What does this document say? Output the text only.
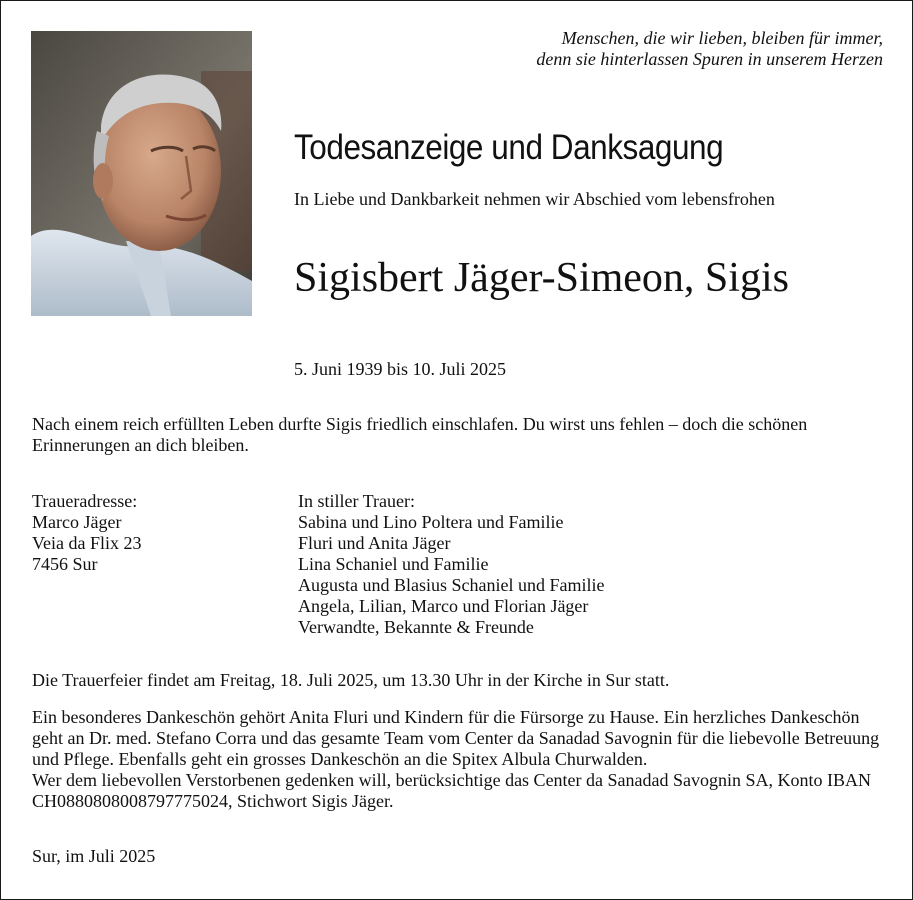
Menschen, die wir lieben, bleiben für immer,
denn sie hinterlassen Spuren in unserem Herzen
Todesanzeige und Danksagung
In Liebe und Dankbarkeit nehmen wir Abschied vom lebensfrohen
Sigisbert Jäger-Simeon, Sigis
5. Juni 1939 bis 10. Juli 2025
Nach einem reich erfüllten Leben durfte Sigis friedlich einschlafen. Du wirst uns fehlen – doch die schönen Erinnerungen an dich bleiben.
Traueradresse:
Marco Jäger
Veia da Flix 23
7456 Sur
In stiller Trauer:
Sabina und Lino Poltera und Familie
Fluri und Anita Jäger
Lina Schaniel und Familie
Augusta und Blasius Schaniel und Familie
Angela, Lilian, Marco und Florian Jäger
Verwandte, Bekannte & Freunde
Die Trauerfeier findet am Freitag, 18. Juli 2025, um 13.30 Uhr in der Kirche in Sur statt.
Ein besonderes Dankeschön gehört Anita Fluri und Kindern für die Fürsorge zu Hause. Ein herzliches Dankeschön geht an Dr. med. Stefano Corra und das gesamte Team vom Center da Sanadad Savognin für die liebevolle Betreuung und Pflege. Ebenfalls geht ein grosses Dankeschön an die Spitex Albula Churwalden.
Wer dem liebevollen Verstorbenen gedenken will, berücksichtige das Center da Sanadad Savognin SA, Konto IBAN CH0880808008797775024, Stichwort Sigis Jäger.
Sur, im Juli 2025
